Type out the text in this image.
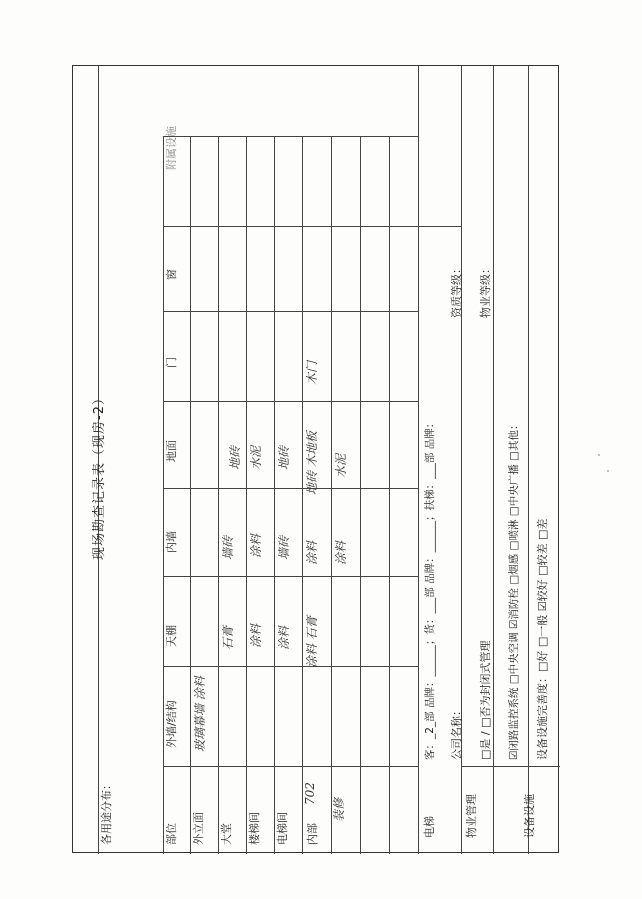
现场勘查记录表（现房-2）
各用途分布：	部位
外墙/结构
天棚
内墙
地面
门
窗
附属设施
外立面 大堂 楼梯间 电梯间 内部
702
装修
玻璃幕墙 涂料
石膏
墙砖
地砖
涂料
涂料
水泥
涂料
墙砖
地砖
涂料 石膏
涂料
地砖 木地板
木门
涂料
水泥
电梯
客：_2_部 品牌：______；货：___部 品牌：______；扶梯：___部 品牌：
物业管理
公司名称：
资质等级：
□是 / □否为封闭式管理
物业等级：
设备设施
☑闭路监控系统 □中央空调 ☑消防栓 □烟感 □喷淋 □中央广播 □其他： 设备设施完善度：□好 □一般 ☑较好 □较差 □差
